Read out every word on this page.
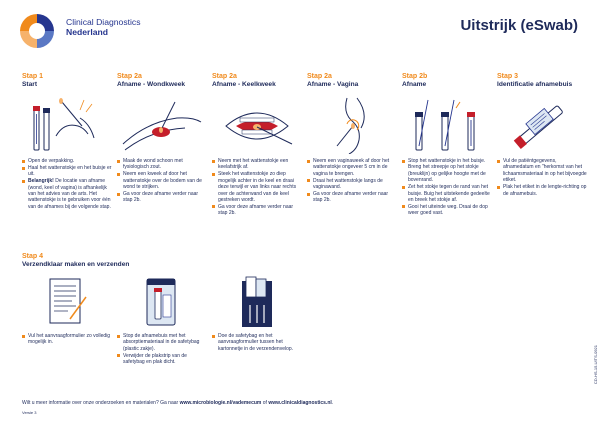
Clinical Diagnostics
Nederland	Uitstrijk (eSwab)
Stap 1
Start
Open de verpakking.
Haal het wattenstokje en het buisje er uit.
Belangrijk! De locatie van afname (wond, keel of vagina) is afhankelijk van het advies van de arts. Het wattenstokje is te gebruiken voor één van de afnames bij de volgende stap.
Stap 2a
Afname - Wondkweek
Maak de wond schoon met fysiologisch zout.
Neem een kweek af door het wattenstokje over de bodem van de wond te strijken.
Ga voor deze afname verder naar stap 2b.
Stap 2a
Afname - Keelkweek
Neem met het wattenstokje een keelafstrijk af.
Steek het wattenstokje zo diep mogelijk achter in de keel en draai deze terwijl er van links naar rechts over de achterwand van de keel gestreken wordt.
Ga voor deze afname verder naar stap 2b.
Stap 2a
Afname - Vagina
Neem een vaginaweek af door het wattenstokje ongeveer 5 cm in de vagina te brengen.
Draai het wattenstokje langs de vaginawand.
Ga voor deze afname verder naar stap 2b.
Stap 2b
Afname
Stop het wattenstokje in het buisje. Breng het streepje op het stokje (breuklijn) op gelijke hoogte met de bovenrand.
Zet het stokje tegen de rand van het buisje. Buig het uitstekende gedeelte en breek het stokje af.
Gooi het uiteinde weg. Draai de dop weer goed vast.
Stap 3
Identificatie afnamebuis
Vul de patiëntgegevens, afnamedatum en "herkomst van het lichaamsmateriaal in op het bijvoegde etiket.
Plak het etiket in de lengte-richting op de afnamebuis.
Stap 4
Verzendklaar maken en verzenden
Vul het aanvraagformulier zo volledig mogelijk in.
Stop de afnamebuis met het absorptiemateriaal in de safetybag (plastic zakje).
Verwijder de plakstrip van de safetybag en plak dicht.
Doe de safetybag en het aanvraagformulier tussen het kartonnetje in de verzendenvelop.
Wilt u meer informatie over onze onderzoeken en materialen? Ga naar www.microbiologie.nl/vademecum of www.clinicaldiagnostics.nl.
Versie 3
CD-HS-15-UITS-0921
